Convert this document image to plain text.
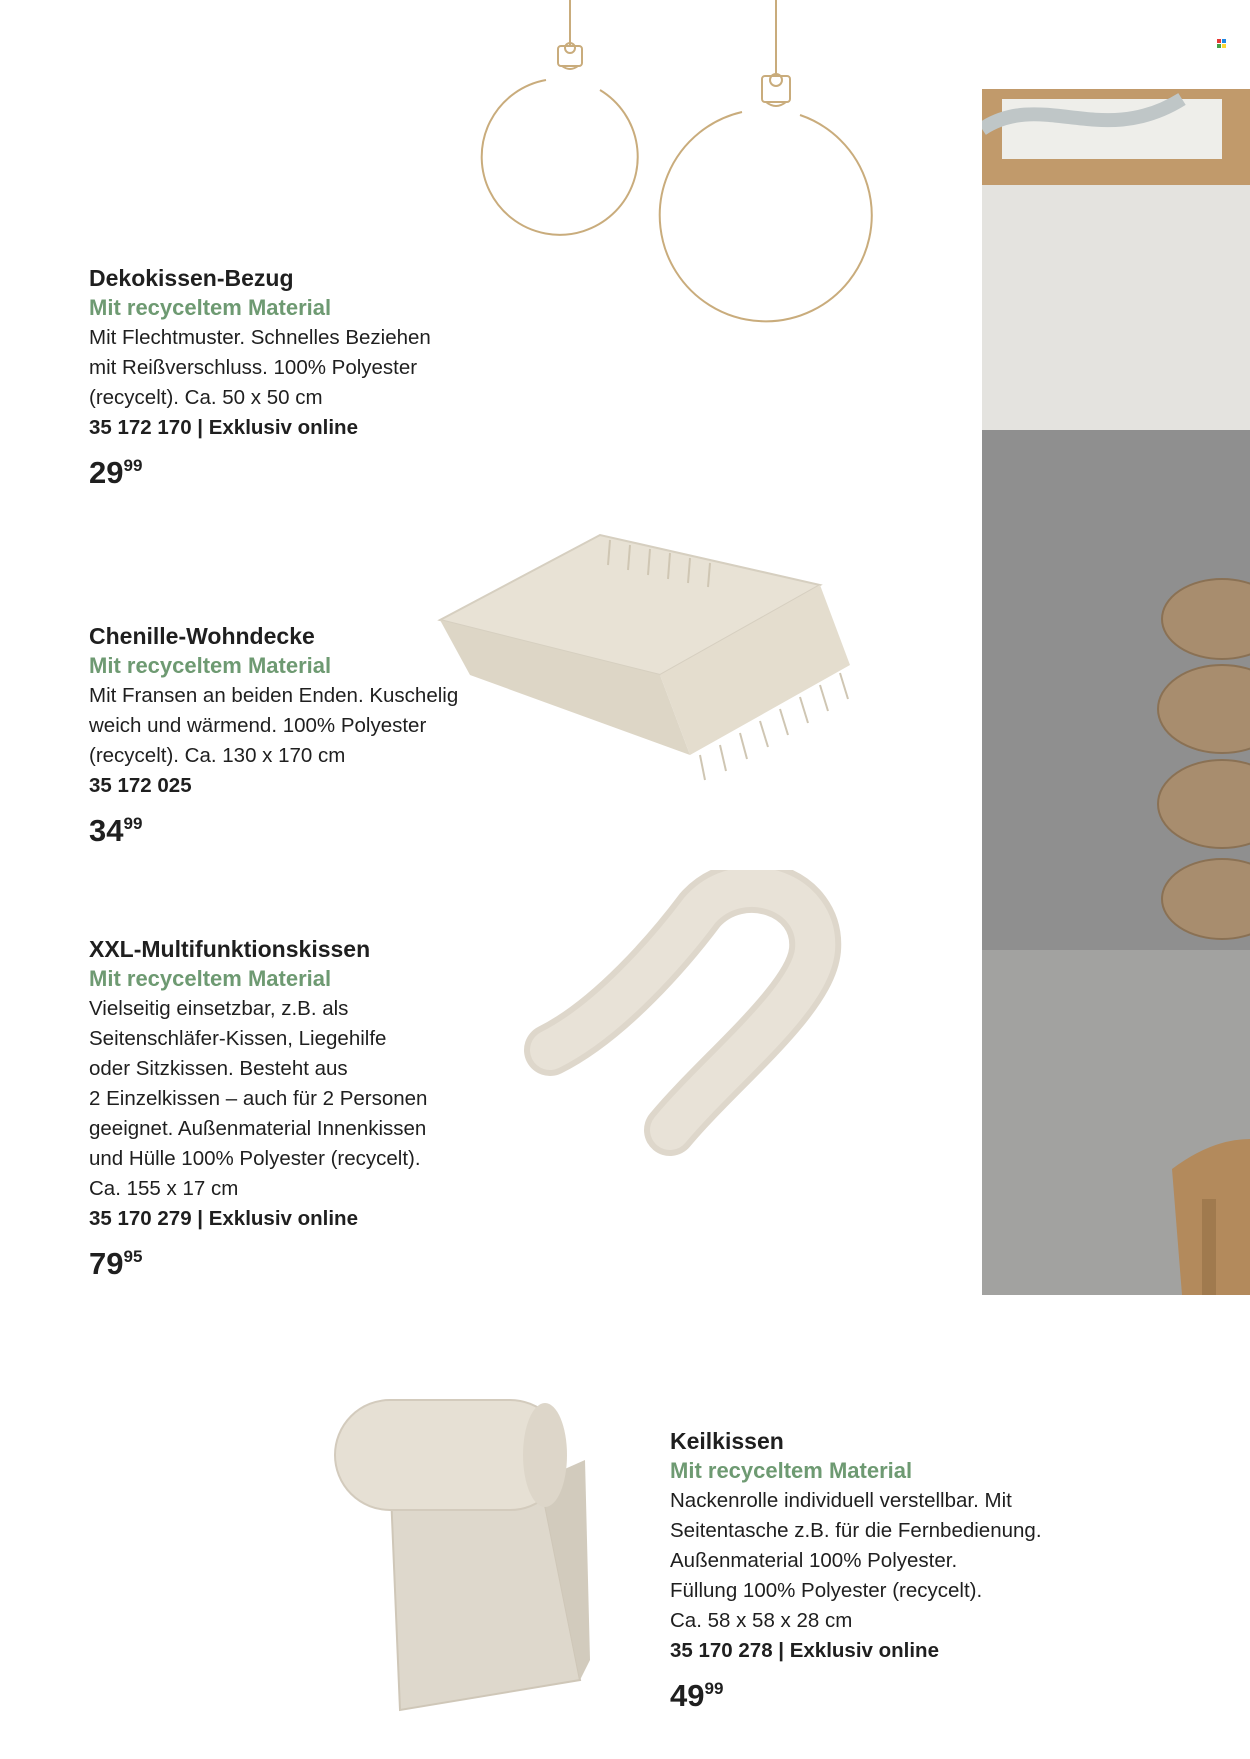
Dekokissen-Bezug
Mit recyceltem Material
Mit Flechtmuster. Schnelles Beziehen
mit Reißverschluss. 100% Polyester
(recycelt). Ca. 50 x 50 cm
35 172 170 | Exklusiv online
$29^{99}$
Chenille-Wohndecke
Mit recyceltem Material
Mit Fransen an beiden Enden. Kuschelig
weich und wärmend. 100% Polyester
(recycelt). Ca. 130 x 170 cm
35 172 025
$34^{99}$
XXL-Multifunktionskissen
Mit recyceltem Material
Vielseitig einsetzbar, z.B. als
Seitenschläfer-Kissen, Liegehilfe
oder Sitzkissen. Besteht aus
2 Einzelkissen – auch für 2 Personen
geeignet. Außenmaterial Innenkissen
und Hülle 100% Polyester (recycelt).
Ca. 155 x 17 cm
35 170 279 | Exklusiv online
$79^{95}$
Keilkissen
Mit recyceltem Material
Nackenrolle individuell verstellbar. Mit
Seitentasche z.B. für die Fernbedienung.
Außenmaterial 100% Polyester.
Füllung 100% Polyester (recycelt).
Ca. 58 x 58 x 28 cm
35 170 278 | Exklusiv online
$49^{99}$
